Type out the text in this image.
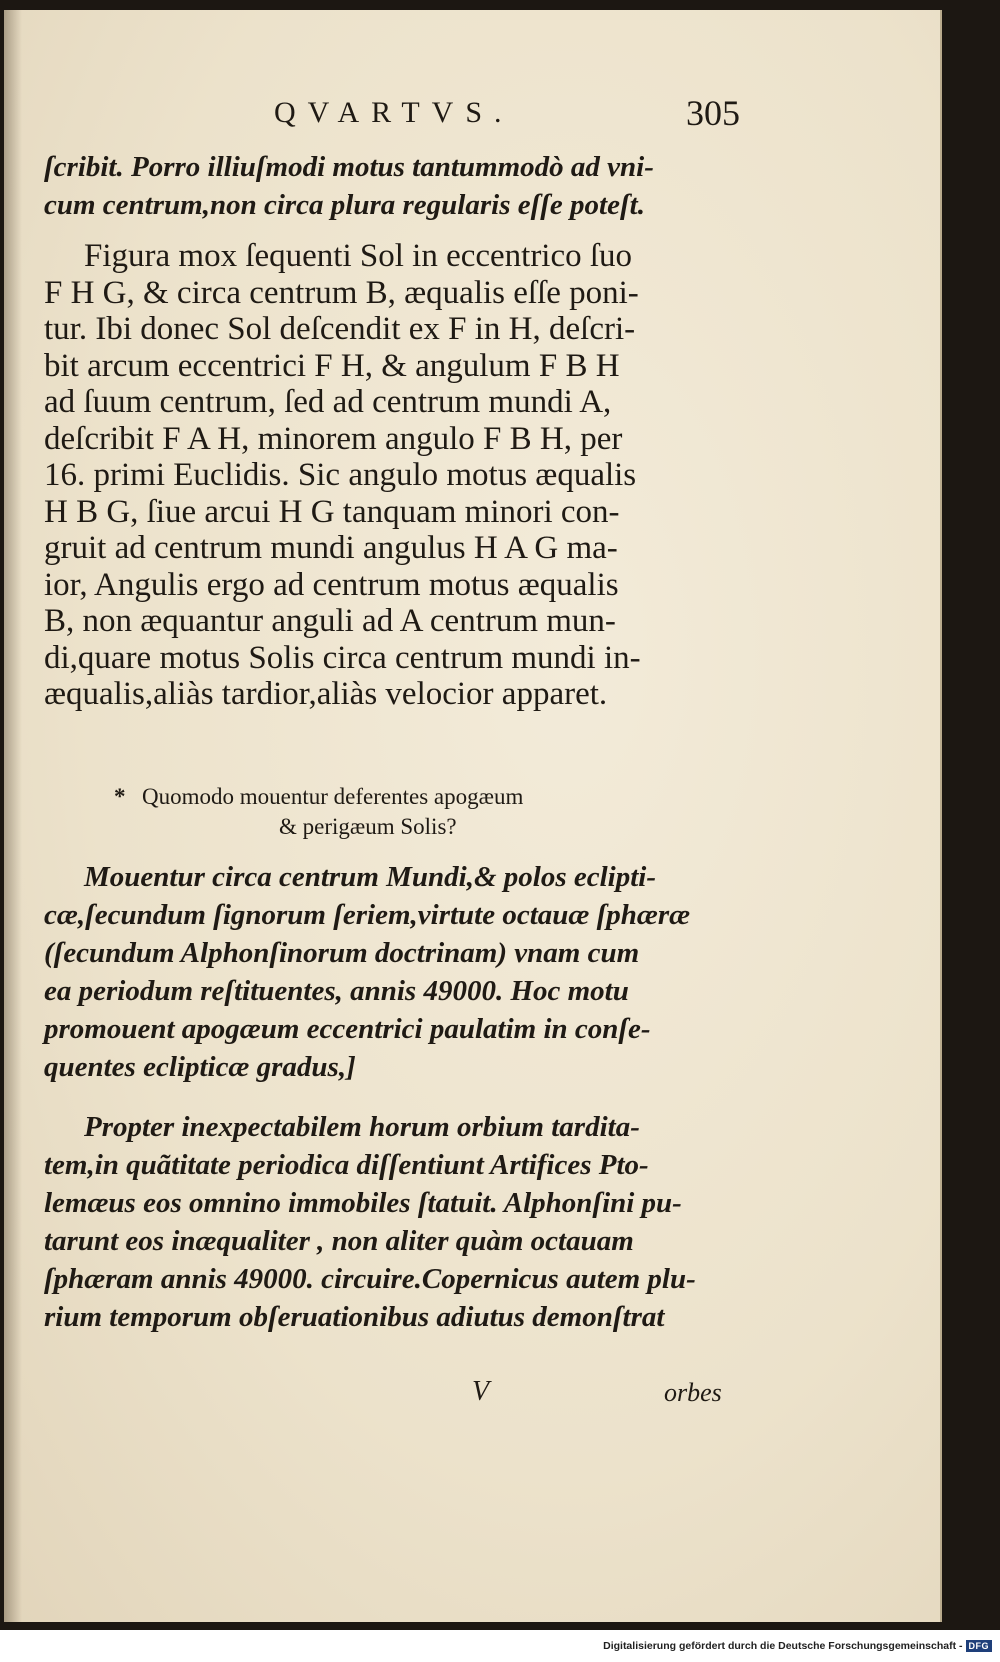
QVARTVS.	305
ſcribit. Porro illiuſmodi motus tantummodò ad vni-
cum centrum,non circa plura regularis eſſe poteſt.
Figura mox ſequenti Sol in eccentrico ſuo
F H G, & circa centrum B, æqualis eſſe poni-
tur. Ibi donec Sol deſcendit ex F in H, deſcri-
bit arcum eccentrici F H, & angulum F B H
ad ſuum centrum, ſed ad centrum mundi A,
deſcribit F A H, minorem angulo F B H, per
16. primi Euclidis. Sic angulo motus æqualis
H B G, ſiue arcui H G tanquam minori con-
gruit ad centrum mundi angulus H A G ma-
ior, Angulis ergo ad centrum motus æqualis
B, non æquantur anguli ad A centrum mun-
di,quare motus Solis circa centrum mundi in-
æqualis,aliàs tardior,aliàs velocior apparet.
* Quomodo mouentur deferentes apogæum
& perigæum Solis?
Mouentur circa centrum Mundi,& polos eclipti-
cæ,ſecundum ſignorum ſeriem,virtute octauæ ſphæræ
(ſecundum Alphonſinorum doctrinam) vnam cum
ea periodum reſtituentes, annis 49000. Hoc motu
promouent apogæum eccentrici paulatim in conſe-
quentes eclipticæ gradus,]
Propter inexpectabilem horum orbium tardita-
tem,in quãtitate periodica diſſentiunt Artifices Pto-
lemæus eos omnino immobiles ſtatuit. Alphonſini pu-
tarunt eos inæqualiter , non aliter quàm octauam
ſphæram annis 49000. circuire.Copernicus autem plu-
rium temporum obſeruationibus adiutus demonſtrat
V	orbes
Digitalisierung gefördert durch die Deutsche Forschungsgemeinschaft - DFG
